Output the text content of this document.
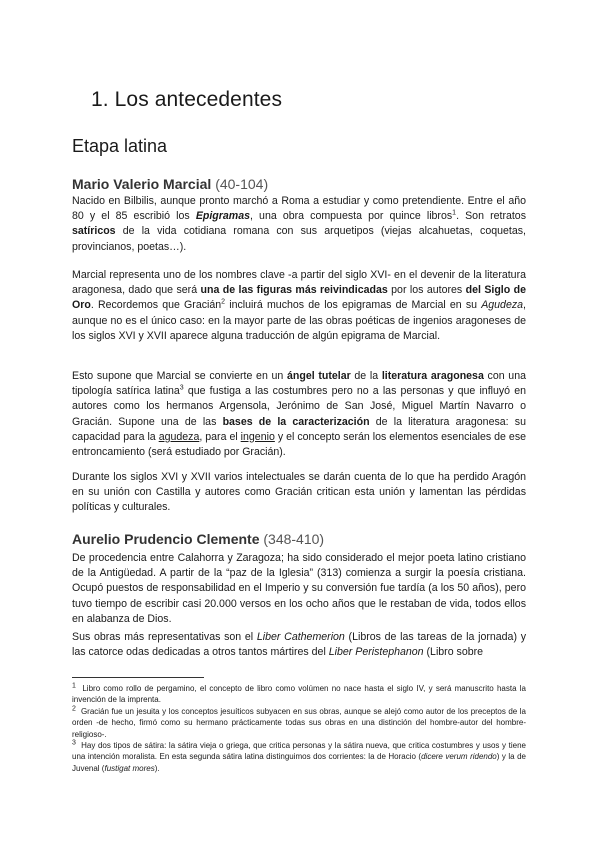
1. Los antecedentes
Etapa latina
Mario Valerio Marcial (40-104)

Nacido en Bilbilis, aunque pronto marchó a Roma a estudiar y como pretendiente. Entre el año 80 y el 85 escribió los Epigramas, una obra compuesta por quince libros$^1$. Son retratos satíricos de la vida cotidiana romana con sus arquetipos (viejas alcahuetas, coquetas, provincianos, poetas…).

Marcial representa uno de los nombres clave -a partir del siglo XVI- en el devenir de la literatura aragonesa, dado que será una de las figuras más reivindicadas por los autores del Siglo de Oro. Recordemos que Gracián$^2$ incluirá muchos de los epigramas de Marcial en su Agudeza, aunque no es el único caso: en la mayor parte de las obras poéticas de ingenios aragoneses de los siglos XVI y XVII aparece alguna traducción de algún epigrama de Marcial.

Esto supone que Marcial se convierte en un ángel tutelar de la literatura aragonesa con una tipología satírica latina$^3$ que fustiga a las costumbres pero no a las personas y que influyó en autores como los hermanos Argensola, Jerónimo de San José, Miguel Martín Navarro o Gracián. Supone una de las bases de la caracterización de la literatura aragonesa: su capacidad para la agudeza, para el ingenio y el concepto serán los elementos esenciales de ese entroncamiento (será estudiado por Gracián).

Durante los siglos XVI y XVII varios intelectuales se darán cuenta de lo que ha perdido Aragón en su unión con Castilla y autores como Gracián critican esta unión y lamentan las pérdidas políticas y culturales.

Aurelio Prudencio Clemente (348-410)

De procedencia entre Calahorra y Zaragoza; ha sido considerado el mejor poeta latino cristiano de la Antigüedad. A partir de la “paz de la Iglesia” (313) comienza a surgir la poesía cristiana. Ocupó puestos de responsabilidad en el Imperio y su conversión fue tardía (a los 50 años), pero tuvo tiempo de escribir casi 20.000 versos en los ocho años que le restaban de vida, todos ellos en alabanza de Dios.

Sus obras más representativas son el Liber Cathemerion (Libros de las tareas de la jornada) y las catorce odas dedicadas a otros tantos mártires del Liber Peristephanon (Libro sobre

$^1$ Libro como rollo de pergamino, el concepto de libro como volúmen no nace hasta el siglo IV, y será manuscrito hasta la invención de la imprenta.

$^2$ Gracián fue un jesuita y los conceptos jesuíticos subyacen en sus obras, aunque se alejó como autor de los preceptos de la orden -de hecho, firmó como su hermano prácticamente todas sus obras en una distinción del hombre-autor del hombre-religioso-.

$^3$ Hay dos tipos de sátira: la sátira vieja o griega, que critica personas y la sátira nueva, que critica costumbres y usos y tiene una intención moralista. En esta segunda sátira latina distinguimos dos corrientes: la de Horacio (dicere verum ridendo) y la de Juvenal (fustigat mores).
